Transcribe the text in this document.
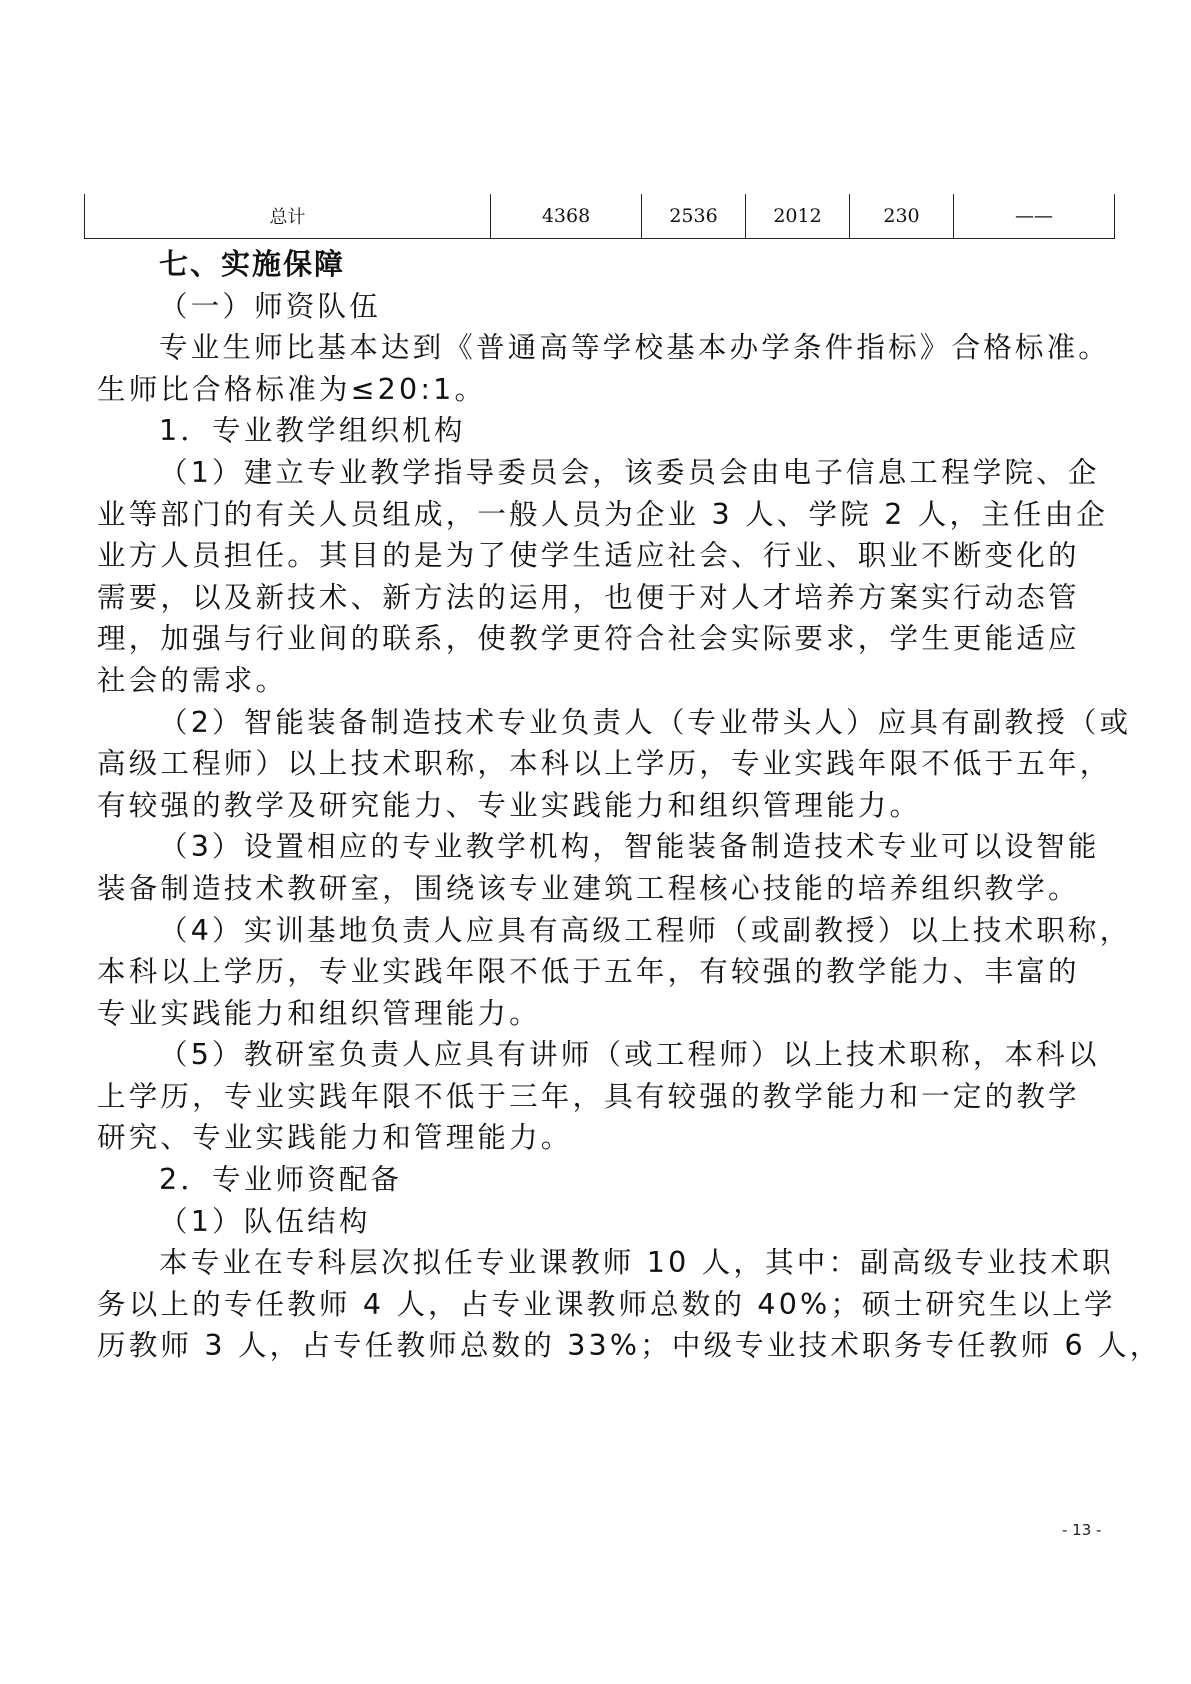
总计	4368	2536	2012	230	——
七、实施保障
（一）师资队伍
专业生师比基本达到《普通高等学校基本办学条件指标》合格标准。
生师比合格标准为≤20:1。
1．专业教学组织机构
（1）建立专业教学指导委员会，该委员会由电子信息工程学院、企
业等部门的有关人员组成，一般人员为企业 3 人、学院 2 人，主任由企
业方人员担任。其目的是为了使学生适应社会、行业、职业不断变化的
需要，以及新技术、新方法的运用，也便于对人才培养方案实行动态管
理，加强与行业间的联系，使教学更符合社会实际要求，学生更能适应
社会的需求。
（2）智能装备制造技术专业负责人（专业带头人）应具有副教授（或
高级工程师）以上技术职称，本科以上学历，专业实践年限不低于五年，
有较强的教学及研究能力、专业实践能力和组织管理能力。
（3）设置相应的专业教学机构，智能装备制造技术专业可以设智能
装备制造技术教研室，围绕该专业建筑工程核心技能的培养组织教学。
（4）实训基地负责人应具有高级工程师（或副教授）以上技术职称，
本科以上学历，专业实践年限不低于五年，有较强的教学能力、丰富的
专业实践能力和组织管理能力。
（5）教研室负责人应具有讲师（或工程师）以上技术职称，本科以
上学历，专业实践年限不低于三年，具有较强的教学能力和一定的教学
研究、专业实践能力和管理能力。
2．专业师资配备
（1）队伍结构
本专业在专科层次拟任专业课教师 10 人，其中：副高级专业技术职
务以上的专任教师 4 人，占专业课教师总数的 40%；硕士研究生以上学
历教师 3 人，占专任教师总数的 33%；中级专业技术职务专任教师 6 人，
- 13 -
